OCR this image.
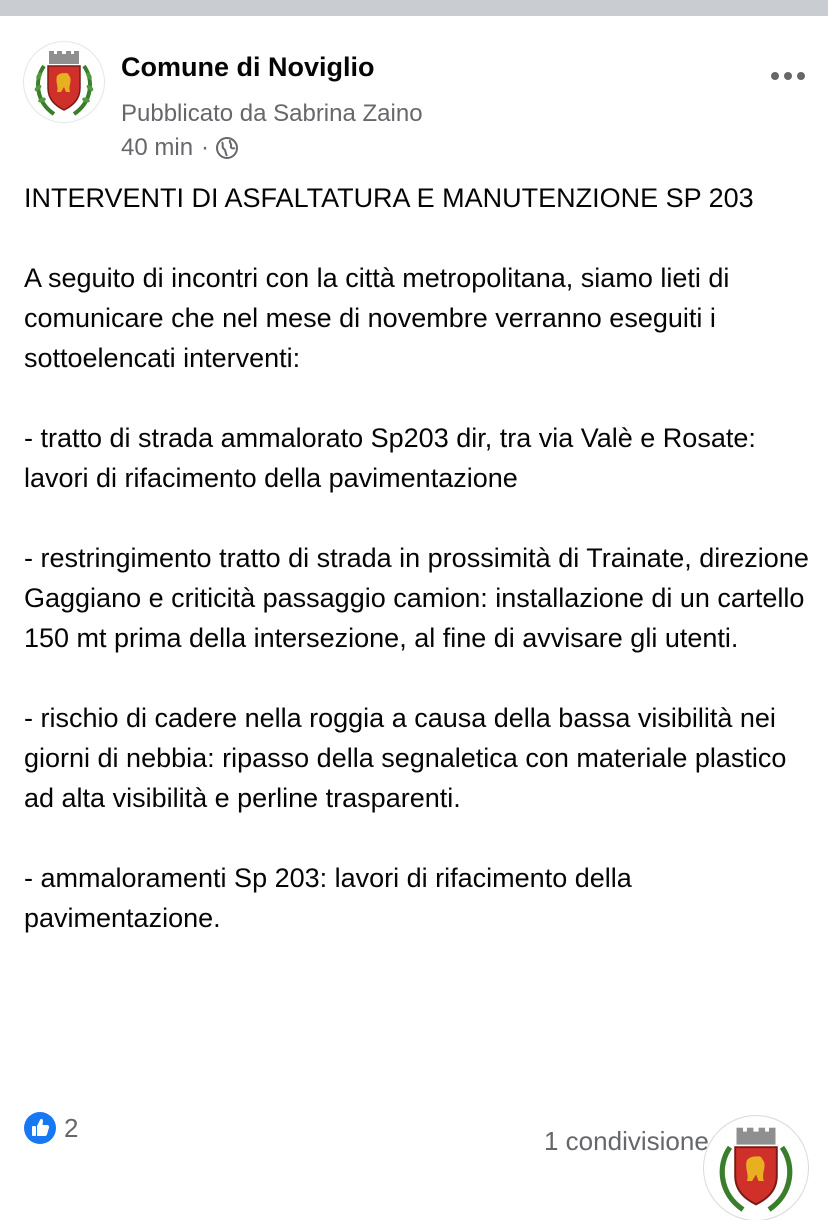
Comune di Noviglio
Pubblicato da Sabrina Zaino
40 min ·

INTERVENTI DI ASFALTATURA E MANUTENZIONE SP 203

A seguito di incontri con la città metropolitana, siamo lieti di comunicare che nel mese di novembre verranno eseguiti i sottoelencati interventi:

- tratto di strada ammalorato Sp203 dir, tra via Valè e Rosate: lavori di rifacimento della pavimentazione

- restringimento tratto di strada in prossimità di Trainate, direzione Gaggiano e criticità passaggio camion: installazione di un cartello 150 mt prima della intersezione, al fine di avvisare gli utenti.

- rischio di cadere nella roggia a causa della bassa visibilità nei giorni di nebbia: ripasso della segnaletica con materiale plastico ad alta visibilità e perline trasparenti.

- ammaloramenti Sp 203: lavori di rifacimento della pavimentazione.

2	1 condivisione
